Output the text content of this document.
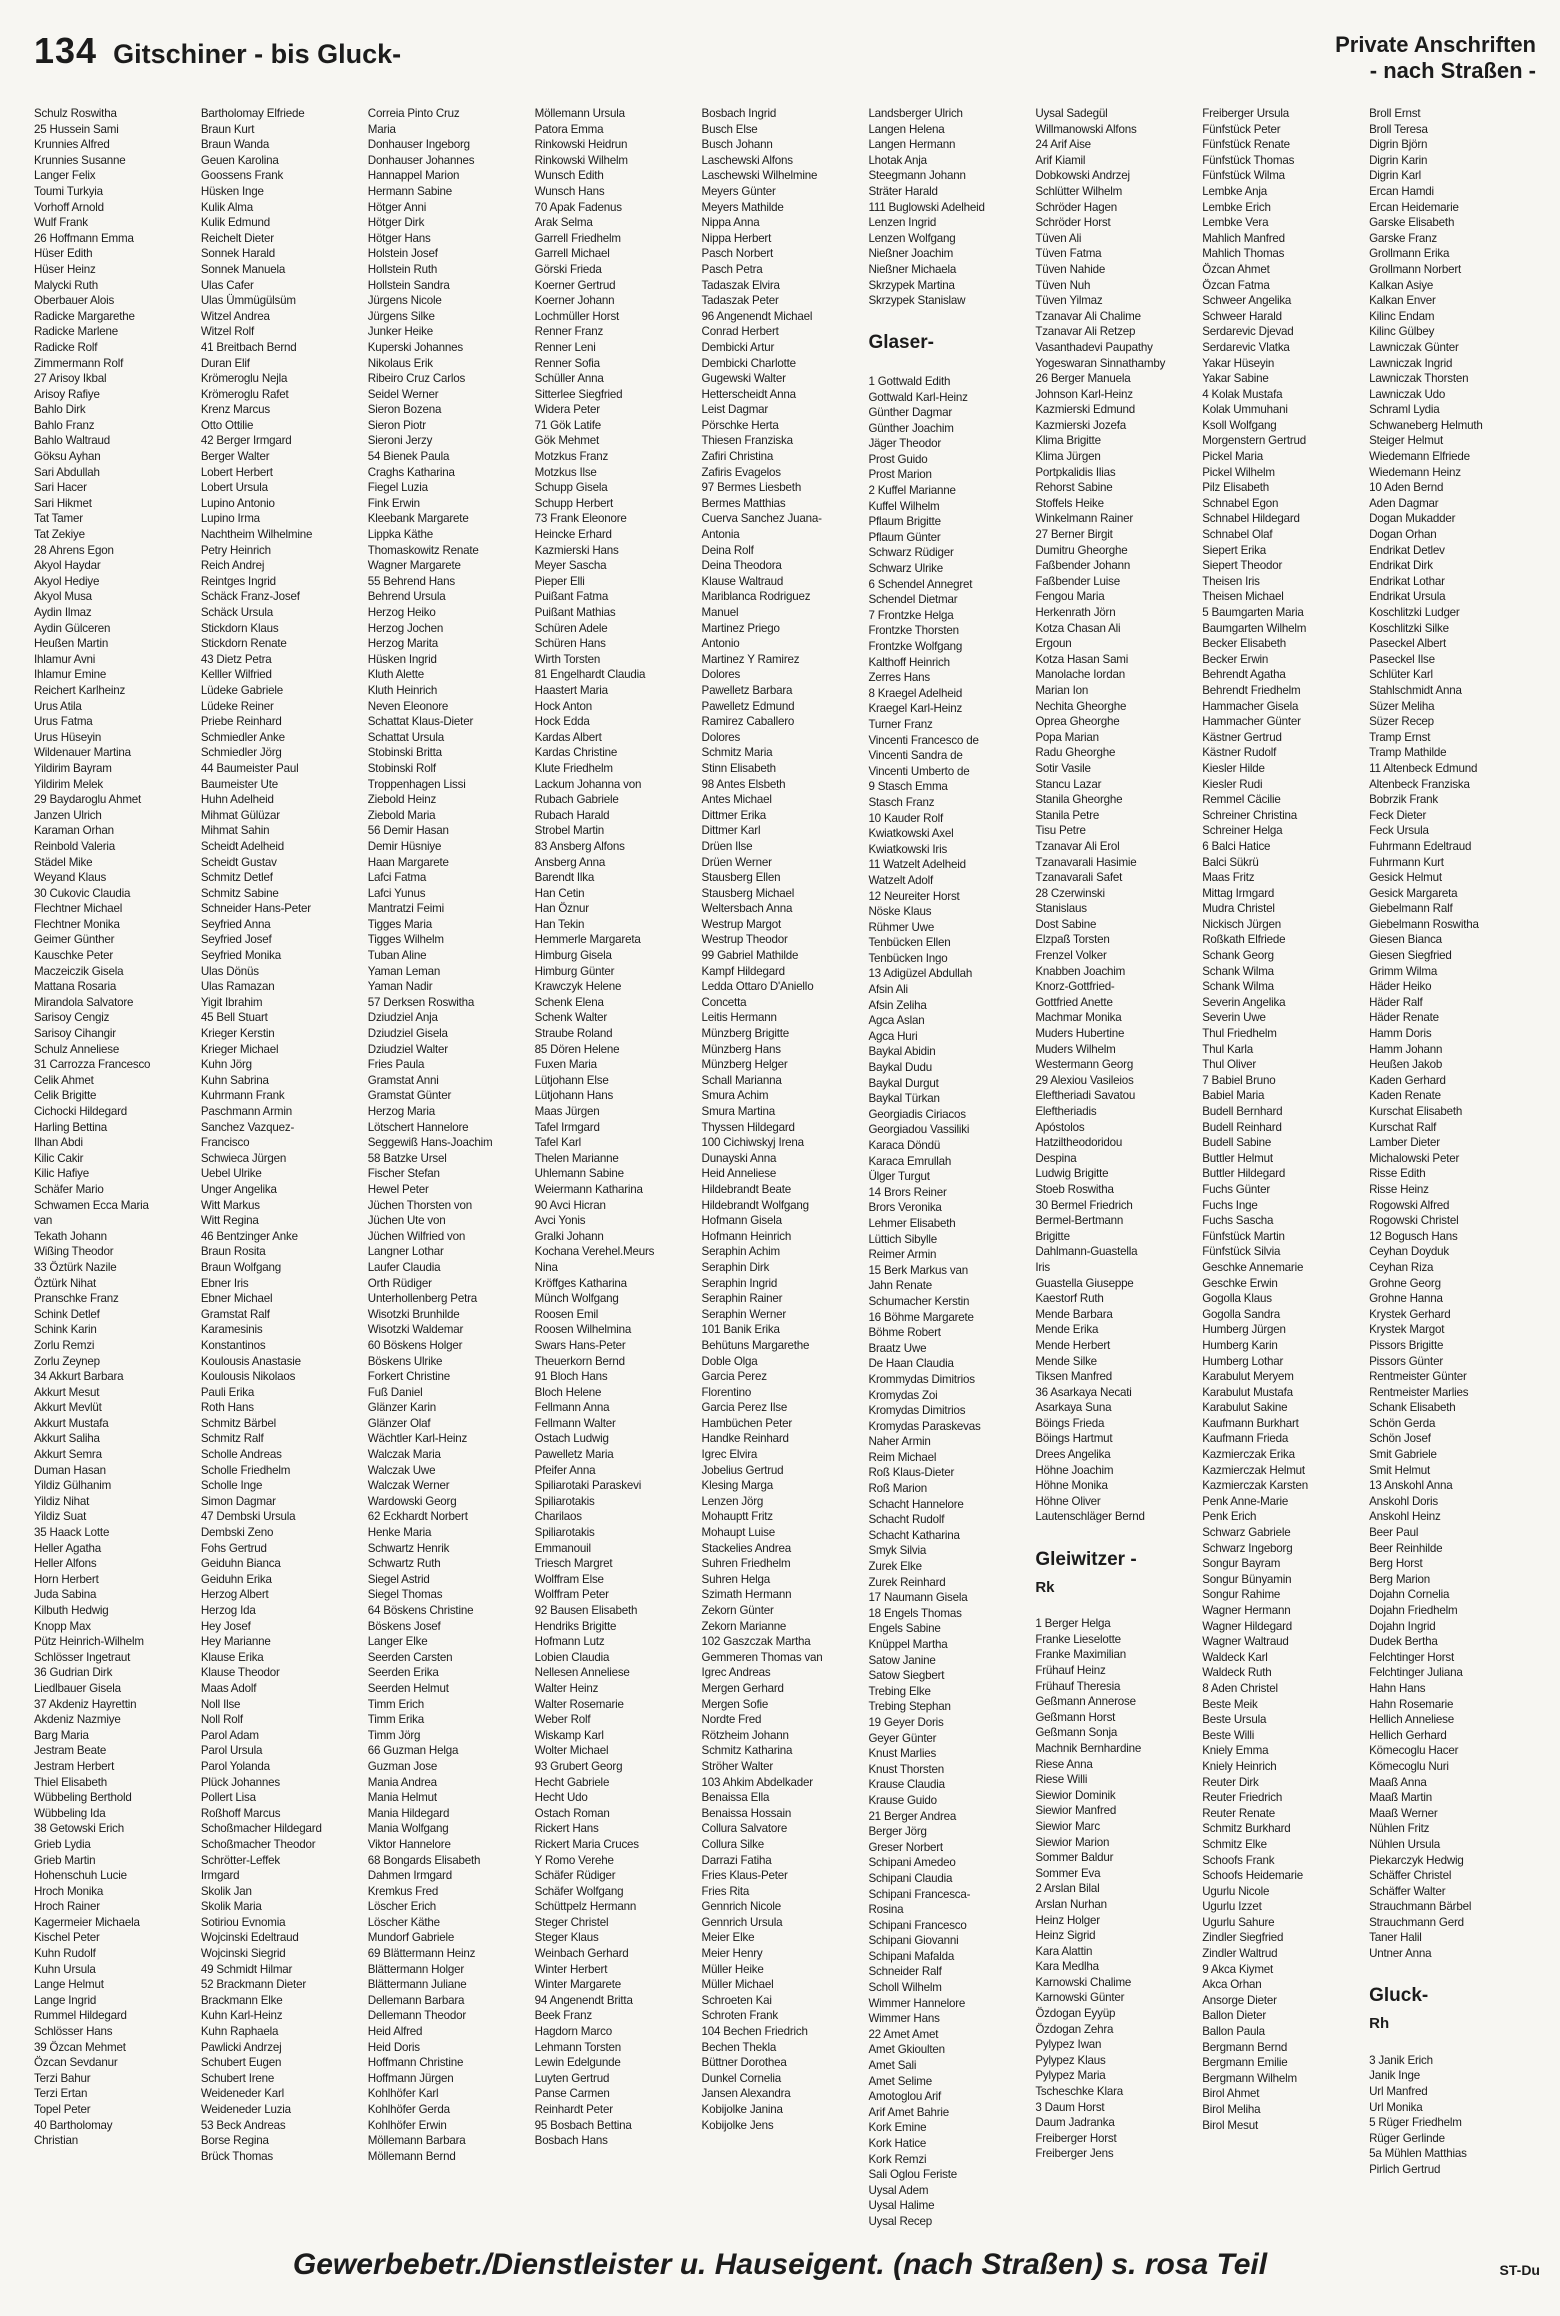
134 Gitschiner - bis Gluck-	Private Anschriften
- nach Straßen -
Schulz Roswitha
25 Hussein Sami
Krunnies Alfred
Krunnies Susanne
Langer Felix
Toumi Turkyia
Vorhoff Arnold
Wulf Frank
26 Hoffmann Emma
Hüser Edith
Hüser Heinz
Malycki Ruth
Oberbauer Alois
Radicke Margarethe
Radicke Marlene
Radicke Rolf
Zimmermann Rolf
27 Arisoy Ikbal
Arisoy Rafiye
Bahlo Dirk
Bahlo Franz
Bahlo Waltraud
Göksu Ayhan
Sari Abdullah
Sari Hacer
Sari Hikmet
Tat Tamer
Tat Zekiye
28 Ahrens Egon
Akyol Haydar
Akyol Hediye
Akyol Musa
Aydin Ilmaz
Aydin Gülceren
Heußen Martin
Ihlamur Avni
Ihlamur Emine
Reichert Karlheinz
Urus Atila
Urus Fatma
Urus Hüseyin
Wildenauer Martina
Yildirim Bayram
Yildirim Melek
29 Baydaroglu Ahmet
Janzen Ulrich
Karaman Orhan
Reinbold Valeria
Städel Mike
Weyand Klaus
30 Cukovic Claudia
Flechtner Michael
Flechtner Monika
Geimer Günther
Kauschke Peter
Maczeiczik Gisela
Mattana Rosaria
Mirandola Salvatore
Sarisoy Cengiz
Sarisoy Cihangir
Schulz Anneliese
31 Carrozza Francesco
Celik Ahmet
Celik Brigitte
Cichocki Hildegard
Harling Bettina
Ilhan Abdi
Kilic Cakir
Kilic Hafiye
Schäfer Mario
Schwamen Ecca Maria
van
Tekath Johann
Wißing Theodor
33 Öztürk Nazile
Öztürk Nihat
Pranschke Franz
Schink Detlef
Schink Karin
Zorlu Remzi
Zorlu Zeynep
34 Akkurt Barbara
Akkurt Mesut
Akkurt Mevlüt
Akkurt Mustafa
Akkurt Saliha
Akkurt Semra
Duman Hasan
Yildiz Gülhanim
Yildiz Nihat
Yildiz Suat
35 Haack Lotte
Heller Agatha
Heller Alfons
Horn Herbert
Juda Sabina
Kilbuth Hedwig
Knopp Max
Pütz Heinrich-Wilhelm
Schlösser Ingetraut
36 Gudrian Dirk
Liedlbauer Gisela
37 Akdeniz Hayrettin
Akdeniz Nazmiye
Barg Maria
Jestram Beate
Jestram Herbert
Thiel Elisabeth
Wübbeling Berthold
Wübbeling Ida
38 Getowski Erich
Grieb Lydia
Grieb Martin
Hohenschuh Lucie
Hroch Monika
Hroch Rainer
Kagermeier Michaela
Kischel Peter
Kuhn Rudolf
Kuhn Ursula
Lange Helmut
Lange Ingrid
Rummel Hildegard
Schlösser Hans
39 Özcan Mehmet
Özcan Sevdanur
Terzi Bahur
Terzi Ertan
Topel Peter
40 Bartholomay
Christian
Bartholomay Elfriede
Braun Kurt
Braun Wanda
Geuen Karolina
Goossens Frank
Hüsken Inge
Kulik Alma
Kulik Edmund
Reichelt Dieter
Sonnek Harald
Sonnek Manuela
Ulas Cafer
Ulas Ümmügülsüm
Witzel Andrea
Witzel Rolf
41 Breitbach Bernd
Duran Elif
Krömeroglu Nejla
Krömeroglu Rafet
Krenz Marcus
Otto Ottilie
42 Berger Irmgard
Berger Walter
Lobert Herbert
Lobert Ursula
Lupino Antonio
Lupino Irma
Nachtheim Wilhelmine
Petry Heinrich
Reich Andrej
Reintges Ingrid
Schäck Franz-Josef
Schäck Ursula
Stickdorn Klaus
Stickdorn Renate
43 Dietz Petra
Kelller Wilfried
Lüdeke Gabriele
Lüdeke Reiner
Priebe Reinhard
Schmiedler Anke
Schmiedler Jörg
44 Baumeister Paul
Baumeister Ute
Huhn Adelheid
Mihmat Gülüzar
Mihmat Sahin
Scheidt Adelheid
Scheidt Gustav
Schmitz Detlef
Schmitz Sabine
Schneider Hans-Peter
Seyfried Anna
Seyfried Josef
Seyfried Monika
Ulas Dönüs
Ulas Ramazan
Yigit Ibrahim
45 Bell Stuart
Krieger Kerstin
Krieger Michael
Kuhn Jörg
Kuhn Sabrina
Kuhrmann Frank
Paschmann Armin
Sanchez Vazquez-
Francisco
Schwieca Jürgen
Uebel Ulrike
Unger Angelika
Witt Markus
Witt Regina
46 Bentzinger Anke
Braun Rosita
Braun Wolfgang
Ebner Iris
Ebner Michael
Gramstat Ralf
Karamesinis
Konstantinos
Koulousis Anastasie
Koulousis Nikolaos
Pauli Erika
Roth Hans
Schmitz Bärbel
Schmitz Ralf
Scholle Andreas
Scholle Friedhelm
Scholle Inge
Simon Dagmar
47 Dembski Ursula
Dembski Zeno
Fohs Gertrud
Geiduhn Bianca
Geiduhn Erika
Herzog Albert
Herzog Ida
Hey Josef
Hey Marianne
Klause Erika
Klause Theodor
Maas Adolf
Noll Ilse
Noll Rolf
Parol Adam
Parol Ursula
Parol Yolanda
Plück Johannes
Pollert Lisa
Roßhoff Marcus
Schoßmacher Hildegard
Schoßmacher Theodor
Schrötter-Leffek
Irmgard
Skolik Jan
Skolik Maria
Sotiriou Evnomia
Wojcinski Edeltraud
Wojcinski Siegrid
49 Schmidt Hilmar
52 Brackmann Dieter
Brackmann Elke
Kuhn Karl-Heinz
Kuhn Raphaela
Pawlicki Andrzej
Schubert Eugen
Schubert Irene
Weideneder Karl
Weideneder Luzia
53 Beck Andreas
Borse Regina
Brück Thomas
Correia Pinto Cruz
Maria
Donhauser Ingeborg
Donhauser Johannes
Hannappel Marion
Hermann Sabine
Hötger Anni
Hötger Dirk
Hötger Hans
Holstein Josef
Hollstein Ruth
Hollstein Sandra
Jürgens Nicole
Jürgens Silke
Junker Heike
Kuperski Johannes
Nikolaus Erik
Ribeiro Cruz Carlos
Seidel Werner
Sieron Bozena
Sieron Piotr
Sieroni Jerzy
54 Bienek Paula
Craghs Katharina
Fiegel Luzia
Fink Erwin
Kleebank Margarete
Lippka Käthe
Thomaskowitz Renate
Wagner Margarete
55 Behrend Hans
Behrend Ursula
Herzog Heiko
Herzog Jochen
Herzog Marita
Hüsken Ingrid
Kluth Alette
Kluth Heinrich
Neven Eleonore
Schattat Klaus-Dieter
Schattat Ursula
Stobinski Britta
Stobinski Rolf
Troppenhagen Lissi
Ziebold Heinz
Ziebold Maria
56 Demir Hasan
Demir Hüsniye
Haan Margarete
Lafci Fatma
Lafci Yunus
Mantratzi Feimi
Tigges Maria
Tigges Wilhelm
Tuban Aline
Yaman Leman
Yaman Nadir
57 Derksen Roswitha
Dziudziel Anja
Dziudziel Gisela
Dziudziel Walter
Fries Paula
Gramstat Anni
Gramstat Günter
Herzog Maria
Lötschert Hannelore
Seggewiß Hans-Joachim
58 Batzke Ursel
Fischer Stefan
Hewel Peter
Jüchen Thorsten von
Jüchen Ute von
Jüchen Wilfried von
Langner Lothar
Laufer Claudia
Orth Rüdiger
Unterhollenberg Petra
Wisotzki Brunhilde
Wisotzki Waldemar
60 Böskens Holger
Böskens Ulrike
Forkert Christine
Fuß Daniel
Glänzer Karin
Glänzer Olaf
Wächtler Karl-Heinz
Walczak Maria
Walczak Uwe
Walczak Werner
Wardowski Georg
62 Eckhardt Norbert
Henke Maria
Schwartz Henrik
Schwartz Ruth
Siegel Astrid
Siegel Thomas
64 Böskens Christine
Böskens Josef
Langer Elke
Seerden Carsten
Seerden Erika
Seerden Helmut
Timm Erich
Timm Erika
Timm Jörg
66 Guzman Helga
Guzman Jose
Mania Andrea
Mania Helmut
Mania Hildegard
Mania Wolfgang
Viktor Hannelore
68 Bongards Elisabeth
Dahmen Irmgard
Kremkus Fred
Löscher Erich
Löscher Käthe
Mundorf Gabriele
69 Blättermann Heinz
Blättermann Holger
Blättermann Juliane
Dellemann Barbara
Dellemann Theodor
Heid Alfred
Heid Doris
Hoffmann Christine
Hoffmann Jürgen
Kohlhöfer Karl
Kohlhöfer Gerda
Kohlhöfer Erwin
Möllemann Barbara
Möllemann Bernd
Möllemann Ursula
Patora Emma
Rinkowski Heidrun
Rinkowski Wilhelm
Wunsch Edith
Wunsch Hans
70 Apak Fadenus
Arak Selma
Garrell Friedhelm
Garrell Michael
Görski Frieda
Koerner Gertrud
Koerner Johann
Lochmüller Horst
Renner Franz
Renner Leni
Renner Sofia
Schüller Anna
Sitterlee Siegfried
Widera Peter
71 Gök Latife
Gök Mehmet
Motzkus Franz
Motzkus Ilse
Schupp Gisela
Schupp Herbert
73 Frank Eleonore
Heincke Erhard
Kazmierski Hans
Meyer Sascha
Pieper Elli
Puißant Fatma
Puißant Mathias
Schüren Adele
Schüren Hans
Wirth Torsten
81 Engelhardt Claudia
Haastert Maria
Hock Anton
Hock Edda
Kardas Albert
Kardas Christine
Klute Friedhelm
Lackum Johanna von
Rubach Gabriele
Rubach Harald
Strobel Martin
83 Ansberg Alfons
Ansberg Anna
Barendt Ilka
Han Cetin
Han Öznur
Han Tekin
Hemmerle Margareta
Himburg Gisela
Himburg Günter
Krawczyk Helene
Schenk Elena
Schenk Walter
Straube Roland
85 Dören Helene
Fuxen Maria
Lütjohann Else
Lütjohann Hans
Maas Jürgen
Tafel Irmgard
Tafel Karl
Thelen Marianne
Uhlemann Sabine
Weiermann Katharina
90 Avci Hicran
Avci Yonis
Gralki Johann
Kochana Verehel.Meurs
Nina
Kröffges Katharina
Münch Wolfgang
Roosen Emil
Roosen Wilhelmina
Swars Hans-Peter
Theuerkorn Bernd
91 Bloch Hans
Bloch Helene
Fellmann Anna
Fellmann Walter
Ostach Ludwig
Pawelletz Maria
Pfeifer Anna
Spiliarotaki Paraskevi
Spiliarotakis
Charilaos
Spiliarotakis
Emmanouil
Triesch Margret
Wolffram Else
Wolffram Peter
92 Bausen Elisabeth
Hendriks Brigitte
Hofmann Lutz
Lobien Claudia
Nellesen Anneliese
Walter Heinz
Walter Rosemarie
Weber Rolf
Wiskamp Karl
Wolter Michael
93 Grubert Georg
Hecht Gabriele
Hecht Udo
Ostach Roman
Rickert Hans
Rickert Maria Cruces
Y Romo Verehe
Schäfer Rüdiger
Schäfer Wolfgang
Schüttpelz Hermann
Steger Christel
Steger Klaus
Weinbach Gerhard
Winter Herbert
Winter Margarete
94 Angenendt Britta
Beek Franz
Hagdorn Marco
Lehmann Torsten
Lewin Edelgunde
Luyten Gertrud
Panse Carmen
Reinhardt Peter
95 Bosbach Bettina
Bosbach Hans
Bosbach Ingrid
Busch Else
Busch Johann
Laschewski Alfons
Laschewski Wilhelmine
Meyers Günter
Meyers Mathilde
Nippa Anna
Nippa Herbert
Pasch Norbert
Pasch Petra
Tadaszak Elvira
Tadaszak Peter
96 Angenendt Michael
Conrad Herbert
Dembicki Artur
Dembicki Charlotte
Gugewski Walter
Hetterscheidt Anna
Leist Dagmar
Pörschke Herta
Thiesen Franziska
Zafiri Christina
Zafiris Evagelos
97 Bermes Liesbeth
Bermes Matthias
Cuerva Sanchez Juana-
Antonia
Deina Rolf
Deina Theodora
Klause Waltraud
Mariblanca Rodriguez
Manuel
Martinez Priego
Antonio
Martinez Y Ramirez
Dolores
Pawelletz Barbara
Pawelletz Edmund
Ramirez Caballero
Dolores
Schmitz Maria
Stinn Elisabeth
98 Antes Elsbeth
Antes Michael
Dittmer Erika
Dittmer Karl
Drüen Ilse
Drüen Werner
Stausberg Ellen
Stausberg Michael
Weltersbach Anna
Westrup Margot
Westrup Theodor
99 Gabriel Mathilde
Kampf Hildegard
Ledda Ottaro D'Aniello
Concetta
Leitis Hermann
Münzberg Brigitte
Münzberg Hans
Münzberg Helger
Schall Marianna
Smura Achim
Smura Martina
Thyssen Hildegard
100 Cichiwskyj Irena
Dunayski Anna
Heid Anneliese
Hildebrandt Beate
Hildebrandt Wolfgang
Hofmann Gisela
Hofmann Heinrich
Seraphin Achim
Seraphin Dirk
Seraphin Ingrid
Seraphin Rainer
Seraphin Werner
101 Banik Erika
Behütuns Margarethe
Doble Olga
Garcia Perez
Florentino
Garcia Perez Ilse
Hambüchen Peter
Handke Reinhard
Igrec Elvira
Jobelius Gertrud
Klesing Marga
Lenzen Jörg
Mohauptt Fritz
Mohaupt Luise
Stackelies Andrea
Suhren Friedhelm
Suhren Helga
Szimath Hermann
Zekorn Günter
Zekorn Marianne
102 Gaszczak Martha
Gemmeren Thomas van
Igrec Andreas
Mergen Gerhard
Mergen Sofie
Nordte Fred
Rötzheim Johann
Schmitz Katharina
Ströher Walter
103 Ahkim Abdelkader
Benaissa Ella
Benaissa Hossain
Collura Salvatore
Collura Silke
Darrazi Fatiha
Fries Klaus-Peter
Fries Rita
Gennrich Nicole
Gennrich Ursula
Meier Elke
Meier Henry
Müller Heike
Müller Michael
Schroeten Kai
Schroten Frank
104 Bechen Friedrich
Bechen Thekla
Büttner Dorothea
Dunkel Cornelia
Jansen Alexandra
Kobijolke Janina
Kobijolke Jens
Landsberger Ulrich
Langen Helena
Langen Hermann
Lhotak Anja
Steegmann Johann
Sträter Harald
111 Buglowski Adelheid
Lenzen Ingrid
Lenzen Wolfgang
Nießner Joachim
Nießner Michaela
Skrzypek Martina
Skrzypek Stanislaw

Glaser-

1 Gottwald Edith
Gottwald Karl-Heinz
Günther Dagmar
Günther Joachim
Jäger Theodor
Prost Guido
Prost Marion
2 Kuffel Marianne
Kuffel Wilhelm
Pflaum Brigitte
Pflaum Günter
Schwarz Rüdiger
Schwarz Ulrike
6 Schendel Annegret
Schendel Dietmar
7 Frontzke Helga
Frontzke Thorsten
Frontzke Wolfgang
Kalthoff Heinrich
Zerres Hans
8 Kraegel Adelheid
Kraegel Karl-Heinz
Turner Franz
Vincenti Francesco de
Vincenti Sandra de
Vincenti Umberto de
9 Stasch Emma
Stasch Franz
10 Kauder Rolf
Kwiatkowski Axel
Kwiatkowski Iris
11 Watzelt Adelheid
Watzelt Adolf
12 Neureiter Horst
Nöske Klaus
Rühmer Uwe
Tenbücken Ellen
Tenbücken Ingo
13 Adigüzel Abdullah
Afsin Ali
Afsin Zeliha
Agca Aslan
Agca Huri
Baykal Abidin
Baykal Dudu
Baykal Durgut
Baykal Türkan
Georgiadis Ciriacos
Georgiadou Vassiliki
Karaca Döndü
Karaca Emrullah
Ülger Turgut
14 Brors Reiner
Brors Veronika
Lehmer Elisabeth
Lüttich Sibylle
Reimer Armin
15 Berk Markus van
Jahn Renate
Schumacher Kerstin
16 Böhme Margarete
Böhme Robert
Braatz Uwe
De Haan Claudia
Krommydas Dimitrios
Kromydas Zoi
Kromydas Dimitrios
Kromydas Paraskevas
Naher Armin
Reim Michael
Roß Klaus-Dieter
Roß Marion
Schacht Hannelore
Schacht Rudolf
Schacht Katharina
Smyk Silvia
Zurek Elke
Zurek Reinhard
17 Naumann Gisela
18 Engels Thomas
Engels Sabine
Knüppel Martha
Satow Janine
Satow Siegbert
Trebing Elke
Trebing Stephan
19 Geyer Doris
Geyer Günter
Knust Marlies
Knust Thorsten
Krause Claudia
Krause Guido
21 Berger Andrea
Berger Jörg
Greser Norbert
Schipani Amedeo
Schipani Claudia
Schipani Francesca-
Rosina
Schipani Francesco
Schipani Giovanni
Schipani Mafalda
Schneider Ralf
Scholl Wilhelm
Wimmer Hannelore
Wimmer Hans
22 Amet Amet
Amet Gkioulten
Amet Sali
Amet Selime
Amotoglou Arif
Arif Amet Bahrie
Kork Emine
Kork Hatice
Kork Remzi
Sali Oglou Feriste
Uysal Adem
Uysal Halime
Uysal Recep
Uysal Sadegül
Willmanowski Alfons
24 Arif Aise
Arif Kiamil
Dobkowski Andrzej
Schlütter Wilhelm
Schröder Hagen
Schröder Horst
Tüven Ali
Tüven Fatma
Tüven Nahide
Tüven Nuh
Tüven Yilmaz
Tzanavar Ali Chalime
Tzanavar Ali Retzep
Vasanthadevi Paupathy
Yogeswaran Sinnathamby
26 Berger Manuela
Johnson Karl-Heinz
Kazmierski Edmund
Kazmierski Jozefa
Klima Brigitte
Klima Jürgen
Portpkalidis Ilias
Rehorst Sabine
Stoffels Heike
Winkelmann Rainer
27 Berner Birgit
Dumitru Gheorghe
Faßbender Johann
Faßbender Luise
Fengou Maria
Herkenrath Jörn
Kotza Chasan Ali
Ergoun
Kotza Hasan Sami
Manolache Iordan
Marian Ion
Nechita Gheorghe
Oprea Gheorghe
Popa Marian
Radu Gheorghe
Sotir Vasile
Stancu Lazar
Stanila Gheorghe
Stanila Petre
Tisu Petre
Tzanavar Ali Erol
Tzanavarali Hasimie
Tzanavarali Safet
28 Czerwinski
Stanislaus
Dost Sabine
Elzpaß Torsten
Frenzel Volker
Knabben Joachim
Knorz-Gottfried-
Gottfried Anette
Machmar Monika
Muders Hubertine
Muders Wilhelm
Westermann Georg
29 Alexiou Vasileios
Eleftheriadi Savatou
Eleftheriadis
Apóstolos
Hatziltheodoridou
Despina
Ludwig Brigitte
Stoeb Roswitha
30 Bermel Friedrich
Bermel-Bertmann
Brigitte
Dahlmann-Guastella
Iris
Guastella Giuseppe
Kaestorf Ruth
Mende Barbara
Mende Erika
Mende Herbert
Mende Silke
Tiksen Manfred
36 Asarkaya Necati
Asarkaya Suna
Böings Frieda
Böings Hartmut
Drees Angelika
Höhne Joachim
Höhne Monika
Höhne Oliver
Lautenschläger Bernd

Gleiwitzer -
Rk

1 Berger Helga
Franke Lieselotte
Franke Maximilian
Frühauf Heinz
Frühauf Theresia
Geßmann Annerose
Geßmann Horst
Geßmann Sonja
Machnik Bernhardine
Riese Anna
Riese Willi
Siewior Dominik
Siewior Manfred
Siewior Marc
Siewior Marion
Sommer Baldur
Sommer Eva
2 Arslan Bilal
Arslan Nurhan
Heinz Holger
Heinz Sigrid
Kara Alattin
Kara Medlha
Karnowski Chalime
Karnowski Günter
Özdogan Eyyüp
Özdogan Zehra
Pylypez Iwan
Pylypez Klaus
Pylypez Maria
Tscheschke Klara
3 Daum Horst
Daum Jadranka
Freiberger Horst
Freiberger Jens
Freiberger Ursula
Fünfstück Peter
Fünfstück Renate
Fünfstück Thomas
Fünfstück Wilma
Lembke Anja
Lembke Erich
Lembke Vera
Mahlich Manfred
Mahlich Thomas
Özcan Ahmet
Özcan Fatma
Schweer Angelika
Schweer Harald
Serdarevic Djevad
Serdarevic Vlatka
Yakar Hüseyin
Yakar Sabine
4 Kolak Mustafa
Kolak Ummuhani
Ksoll Wolfgang
Morgenstern Gertrud
Pickel Maria
Pickel Wilhelm
Pilz Elisabeth
Schnabel Egon
Schnabel Hildegard
Schnabel Olaf
Siepert Erika
Siepert Theodor
Theisen Iris
Theisen Michael
5 Baumgarten Maria
Baumgarten Wilhelm
Becker Elisabeth
Becker Erwin
Behrendt Agatha
Behrendt Friedhelm
Hammacher Gisela
Hammacher Günter
Kästner Gertrud
Kästner Rudolf
Kiesler Hilde
Kiesler Rudi
Remmel Cäcilie
Schreiner Christina
Schreiner Helga
6 Balci Hatice
Balci Sükrü
Maas Fritz
Mittag Irmgard
Mudra Christel
Nickisch Jürgen
Roßkath Elfriede
Schank Georg
Schank Wilma
Schank Wilma
Severin Angelika
Severin Uwe
Thul Friedhelm
Thul Karla
Thul Oliver
7 Babiel Bruno
Babiel Maria
Budell Bernhard
Budell Reinhard
Budell Sabine
Buttler Helmut
Buttler Hildegard
Fuchs Günter
Fuchs Inge
Fuchs Sascha
Fünfstück Martin
Fünfstück Silvia
Geschke Annemarie
Geschke Erwin
Gogolla Klaus
Gogolla Sandra
Humberg Jürgen
Humberg Karin
Humberg Lothar
Karabulut Meryem
Karabulut Mustafa
Karabulut Sakine
Kaufmann Burkhart
Kaufmann Frieda
Kazmierczak Erika
Kazmierczak Helmut
Kazmierczak Karsten
Penk Anne-Marie
Penk Erich
Schwarz Gabriele
Schwarz Ingeborg
Songur Bayram
Songur Bünyamin
Songur Rahime
Wagner Hermann
Wagner Hildegard
Wagner Waltraud
Waldeck Karl
Waldeck Ruth
8 Aden Christel
Beste Meik
Beste Ursula
Beste Willi
Kniely Emma
Kniely Heinrich
Reuter Dirk
Reuter Friedrich
Reuter Renate
Schmitz Burkhard
Schmitz Elke
Schoofs Frank
Schoofs Heidemarie
Ugurlu Nicole
Ugurlu Izzet
Ugurlu Sahure
Zindler Siegfried
Zindler Waltrud
9 Akca Kiymet
Akca Orhan
Ansorge Dieter
Ballon Dieter
Ballon Paula
Bergmann Bernd
Bergmann Emilie
Bergmann Wilhelm
Birol Ahmet
Birol Meliha
Birol Mesut
Broll Ernst
Broll Teresa
Digrin Björn
Digrin Karin
Digrin Karl
Ercan Hamdi
Ercan Heidemarie
Garske Elisabeth
Garske Franz
Grollmann Erika
Grollmann Norbert
Kalkan Asiye
Kalkan Enver
Kilinc Endam
Kilinc Gülbey
Lawniczak Günter
Lawniczak Ingrid
Lawniczak Thorsten
Lawniczak Udo
Schraml Lydia
Schwaneberg Helmuth
Steiger Helmut
Wiedemann Elfriede
Wiedemann Heinz
10 Aden Bernd
Aden Dagmar
Dogan Mukadder
Dogan Orhan
Endrikat Detlev
Endrikat Dirk
Endrikat Lothar
Endrikat Ursula
Koschlitzki Ludger
Koschlitzki Silke
Paseckel Albert
Paseckel Ilse
Schlüter Karl
Stahlschmidt Anna
Süzer Meliha
Süzer Recep
Tramp Ernst
Tramp Mathilde
11 Altenbeck Edmund
Altenbeck Franziska
Bobrzik Frank
Feck Dieter
Feck Ursula
Fuhrmann Edeltraud
Fuhrmann Kurt
Gesick Helmut
Gesick Margareta
Giebelmann Ralf
Giebelmann Roswitha
Giesen Bianca
Giesen Siegfried
Grimm Wilma
Häder Heiko
Häder Ralf
Häder Renate
Hamm Doris
Hamm Johann
Heußen Jakob
Kaden Gerhard
Kaden Renate
Kurschat Elisabeth
Kurschat Ralf
Lamber Dieter
Michalowski Peter
Risse Edith
Risse Heinz
Rogowski Alfred
Rogowski Christel
12 Bogusch Hans
Ceyhan Doyduk
Ceyhan Riza
Grohne Georg
Grohne Hanna
Krystek Gerhard
Krystek Margot
Pissors Brigitte
Pissors Günter
Rentmeister Günter
Rentmeister Marlies
Schank Elisabeth
Schön Gerda
Schön Josef
Smit Gabriele
Smit Helmut
13 Anskohl Anna
Anskohl Doris
Anskohl Heinz
Beer Paul
Beer Reinhilde
Berg Horst
Berg Marion
Dojahn Cornelia
Dojahn Friedhelm
Dojahn Ingrid
Dudek Bertha
Felchtinger Horst
Felchtinger Juliana
Hahn Hans
Hahn Rosemarie
Hellich Anneliese
Hellich Gerhard
Kömecoglu Hacer
Kömecoglu Nuri
Maaß Anna
Maaß Martin
Maaß Werner
Nühlen Fritz
Nühlen Ursula
Piekarczyk Hedwig
Schäffer Christel
Schäffer Walter
Strauchmann Bärbel
Strauchmann Gerd
Taner Halil
Untner Anna

Gluck-
Rh

3 Janik Erich
Janik Inge
Url Manfred
Url Monika
5 Rüger Friedhelm
Rüger Gerlinde
5a Mühlen Matthias
Pirlich Gertrud
Gewerbebetr./Dienstleister u. Hauseigent. (nach Straßen) s. rosa Teil	ST-Du
